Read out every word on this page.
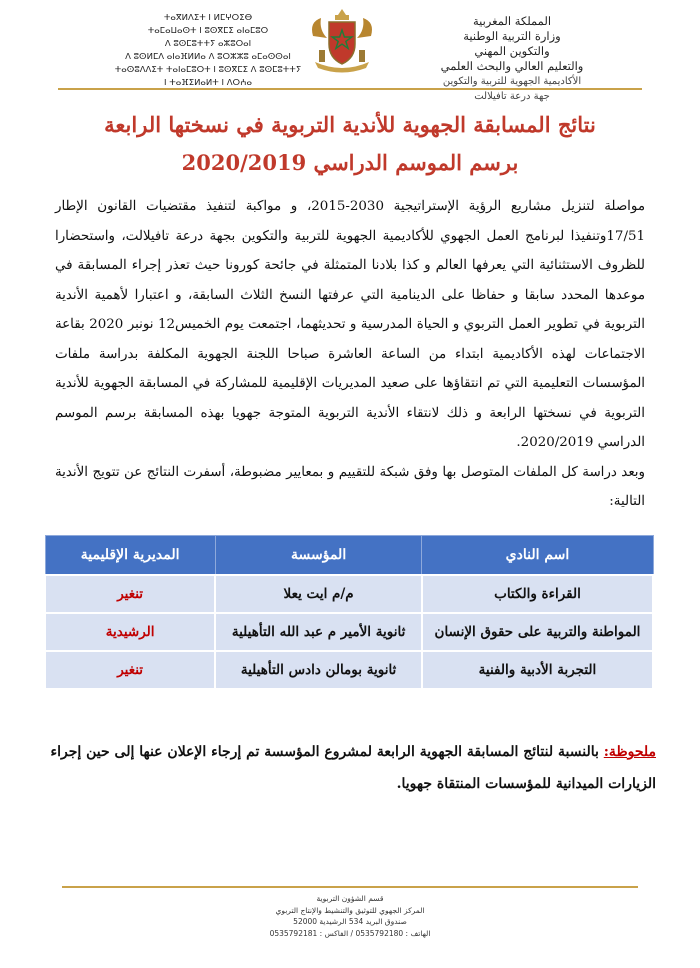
ⵜⴰⴳⵍⴷⵉⵜ ⵏ ⵍⵎⵖⵔⵉⴱ
ⵜⴰⵎⴰⵡⴰⵙⵜ ⵏ ⵓⵙⴳⵎⵉ ⴰⵏⴰⵎⵓⵔ
ⴷ ⵓⵙⵎⵓⵜⵜⵢ ⴰⵣⵓⵔⴰⵏ
ⴷ ⵓⵙⵍⵎⴷ ⴰⵏⴰⴼⵍⵍⴰ ⴷ ⵓⵔⵣⵣⵓ ⴰⵎⴰⵙⵙⴰⵏ
ⵜⴰⵙⵓⴷⴷⵉⵜ ⵜⴰⵏⴰⵎⵓⵔⵜ ⵏ ⵓⵙⴳⵎⵉ ⴷ ⵓⵙⵎⵓⵜⵜⵢ
ⵏ ⵜⴰⴼⵉⵍⴰⵍⵜ ⵏ ⴷⵔⵄⴰ
المملكة المغربية
وزارة التربية الوطنية
والتكوين المهني
والتعليم العالي والبحث العلمي
الأكاديمية الجهوية للتربية والتكوين
جهة درعة تافيلالت
نتائج المسابقة الجهوية للأندية التربوية في نسختها الرابعة
برسم الموسم الدراسي 2020/2019
مواصلة لتنزيل مشاريع الرؤية الإستراتيجية 2030-2015، و مواكبة لتنفيذ مقتضيات القانون الإطار 17/51وتنفيذا لبرنامج العمل الجهوي للأكاديمية الجهوية للتربية والتكوين بجهة درعة تافيلالت، واستحضارا للظروف الاستثنائية التي يعرفها العالم و كذا بلادنا المتمثلة في جائحة كورونا حيث تعذر إجراء المسابقة في موعدها المحدد سابقا و حفاظا على الدينامية التي عرفتها النسخ الثلاث السابقة، و اعتبارا لأهمية الأندية التربوية في تطوير العمل التربوي و الحياة المدرسية و تحديثهما، اجتمعت يوم الخميس12 نونبر 2020 بقاعة الاجتماعات لهذه الأكاديمية ابتداء من الساعة العاشرة صباحا اللجنة الجهوية المكلفة بدراسة ملفات المؤسسات التعليمية التي تم انتقاؤها على صعيد المديريات الإقليمية للمشاركة في المسابقة الجهوية للأندية التربوية في نسختها الرابعة و ذلك لانتقاء الأندية التربوية المتوجة جهويا بهذه المسابقة برسم الموسم الدراسي 2020/2019.
وبعد دراسة كل الملفات المتوصل بها وفق شبكة للتقييم و بمعايير مضبوطة، أسفرت النتائج عن تتويج الأندية التالية:
اسم النادي	المؤسسة	المديرية الإقليمية
القراءة والكتاب	م/م ايت يعلا	تنغير
المواطنة والتربية على حقوق الإنسان	ثانوية الأمير م عبد الله التأهيلية	الرشيدية
التجربة الأدبية والفنية	ثانوية بومالن دادس التأهيلية	تنغير
ملحوظة: بالنسبة لنتائج المسابقة الجهوية الرابعة لمشروع المؤسسة تم إرجاء الإعلان عنها إلى حين إجراء الزيارات الميدانية للمؤسسات المنتقاة جهويا.
قسم الشؤون التربوية
المركز الجهوي للتوثيق والتنشيط والإنتاج التربوي
صندوق البريد 534 الرشيدية 52000
الهاتف : 0535792180 / الفاكس : 0535792181
